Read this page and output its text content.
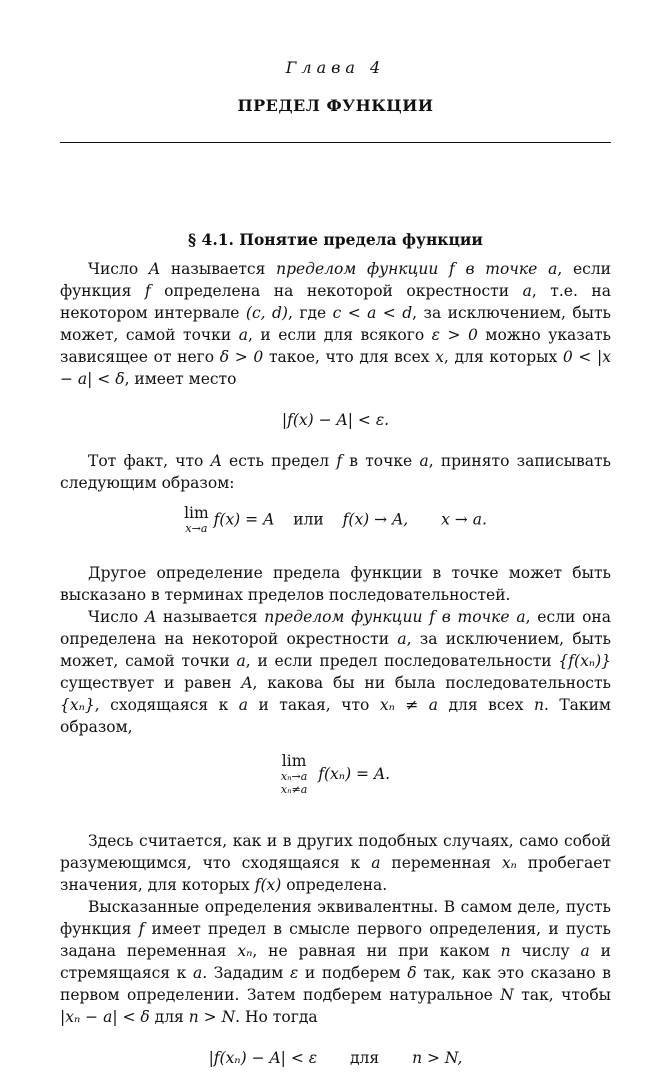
Глава 4
ПРЕДЕЛ ФУНКЦИИ
§ 4.1. Понятие предела функции

Число A называется пределом функции f в точке a, если функция f определена на некоторой окрестности a, т.е. на некотором интервале (c, d), где c < a < d, за исключением, быть может, самой точки a, и если для всякого ε > 0 можно указать зависящее от него δ > 0 такое, что для всех x, для которых 0 < |x − a| < δ, имеет место

|f(x) − A| < ε.

Тот факт, что A есть предел f в точке a, принято записывать следующим образом:

lim
x→a f(x) = A или f(x) → A, x → a.

Другое определение предела функции в точке может быть высказано в терминах пределов последовательностей.

Число A называется пределом функции f в точке a, если она определена на некоторой окрестности a, за исключением, быть может, самой точки a, и если предел последовательности {f(xₙ)} существует и равен A, какова бы ни была последовательность {xₙ}, сходящаяся к a и такая, что xₙ ≠ a для всех n. Таким образом,

lim
xₙ→a
xₙ≠a
f(xₙ) = A.

Здесь считается, как и в других подобных случаях, само собой разумеющимся, что сходящаяся к a переменная xₙ пробегает значения, для которых f(x) определена.

Высказанные определения эквивалентны. В самом деле, пусть функция f имеет предел в смысле первого определения, и пусть задана переменная xₙ, не равная ни при каком n числу a и стремящаяся к a. Зададим ε и подберем δ так, как это сказано в первом определении. Затем подберем натуральное N так, чтобы |xₙ − a| < δ для n > N. Но тогда

|f(xₙ) − A| < ε для n > N,
